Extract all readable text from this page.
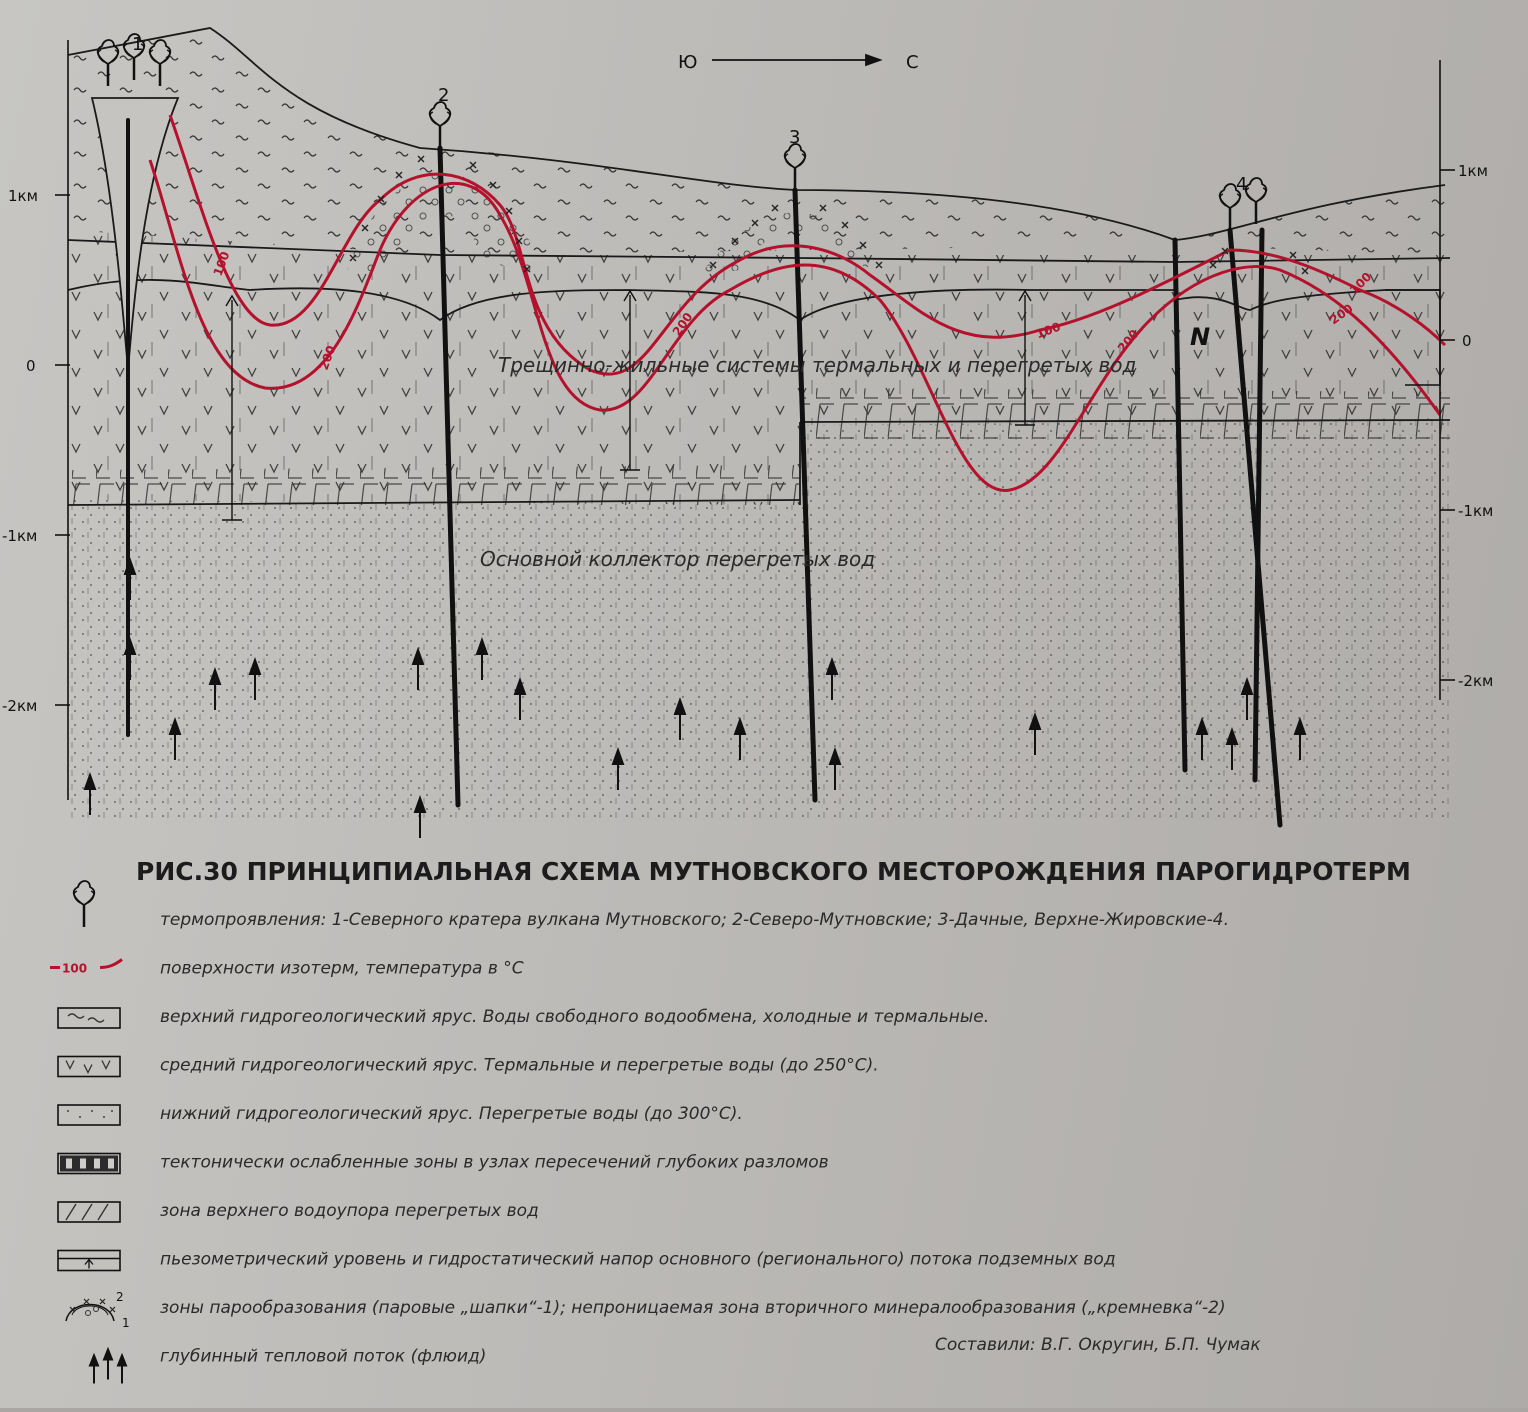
1
2
3
4
Ю	С
1км
0
-1км
-2км
1км
0
-1км
-2км
100
200
200	100	200
100
200
N
Трещинно-жильные системы термальных и перегретых вод
Основной коллектор перегретых вод
РИС.30 ПРИНЦИПИАЛЬНАЯ СХЕМА МУТНОВСКОГО МЕСТОРОЖДЕНИЯ ПАРОГИДРОТЕРМ
термопроявления: 1-Северного кратера вулкана Мутновского; 2-Северо-Мутновские; 3-Дачные, Верхне-Жировские-4.
100	поверхности изотерм, температура в °С
верхний гидрогеологический ярус. Воды свободного водообмена, холодные и термальные.
средний гидрогеологический ярус. Термальные и перегретые воды (до 250°С).
нижний гидрогеологический ярус. Перегретые воды (до 300°С).
тектонически ослабленные зоны в узлах пересечений глубоких разломов
зона верхнего водоупора перегретых вод
пьезометрический уровень и гидростатический напор основного (регионального) потока подземных вод
2
1
зоны парообразования (паровые „шапки“-1); непроницаемая зона вторичного минералообразования („кремневка“-2)
глубинный тепловой поток (флюид)
Составили: В.Г. Округин, Б.П. Чумак
